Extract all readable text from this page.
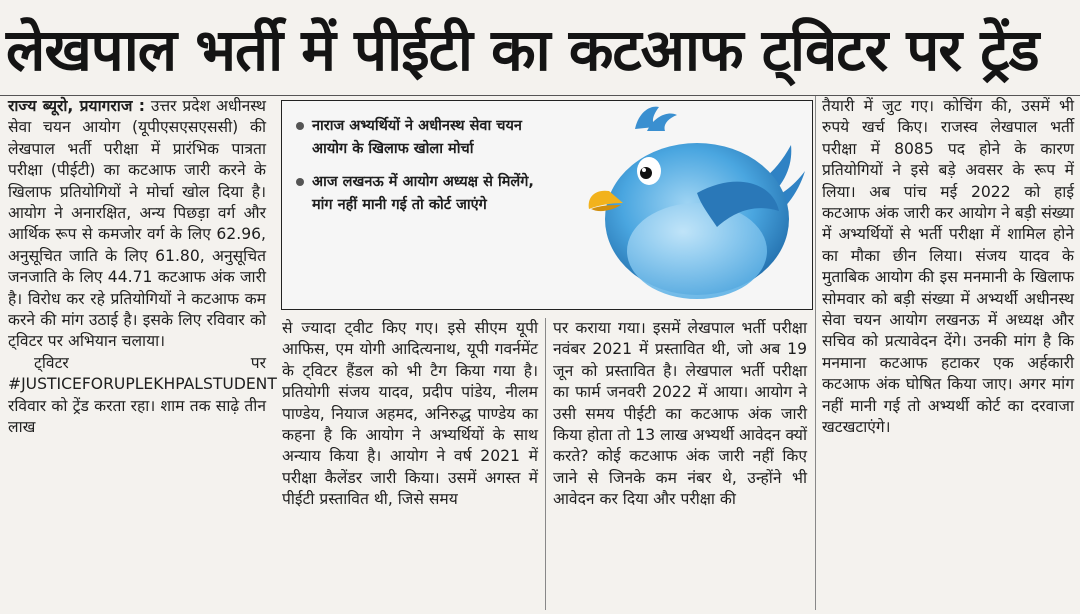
लेखपाल भर्ती में पीईटी का कटआफ ट्विटर पर ट्रेंड

राज्य ब्यूरो, प्रयागराज : उत्तर प्रदेश अधीनस्थ सेवा चयन आयोग (यूपीएसएसएससी) की लेखपाल भर्ती परीक्षा में प्रारंभिक पात्रता परीक्षा (पीईटी) का कटआफ जारी करने के खिलाफ प्रतियोगियों ने मोर्चा खोल दिया है। आयोग ने अनारक्षित, अन्य पिछड़ा वर्ग और आर्थिक रूप से कमजोर वर्ग के लिए 62.96, अनुसूचित जाति के लिए 61.80, अनुसूचित जनजाति के लिए 44.71 कटआफ अंक जारी है। विरोध कर रहे प्रतियोगियों ने कटआफ कम करने की मांग उठाई है। इसके लिए रविवार को ट्विटर पर अभियान चलाया।

ट्विटर पर #JUSTICEFORUPLEKHPALSTUDENT रविवार को ट्रेंड करता रहा। शाम तक साढ़े तीन लाख

नाराज अभ्यर्थियों ने अधीनस्थ सेवा चयन आयोग के खिलाफ खोला मोर्चा
आज लखनऊ में आयोग अध्यक्ष से मिलेंगे, मांग नहीं मानी गई तो कोर्ट जाएंगे

से ज्यादा ट्वीट किए गए। इसे सीएम यूपी आफिस, एम योगी आदित्यनाथ, यूपी गवर्नमेंट के ट्विटर हैंडल को भी टैग किया गया है। प्रतियोगी संजय यादव, प्रदीप पांडेय, नीलम पाण्डेय, नियाज अहमद, अनिरुद्ध पाण्डेय का कहना है कि आयोग ने अभ्यर्थियों के साथ अन्याय किया है। आयोग ने वर्ष 2021 में परीक्षा कैलेंडर जारी किया। उसमें अगस्त में पीईटी प्रस्तावित थी, जिसे समय

पर कराया गया। इसमें लेखपाल भर्ती परीक्षा नवंबर 2021 में प्रस्तावित थी, जो अब 19 जून को प्रस्तावित है। लेखपाल भर्ती परीक्षा का फार्म जनवरी 2022 में आया। आयोग ने उसी समय पीईटी का कटआफ अंक जारी किया होता तो 13 लाख अभ्यर्थी आवेदन क्यों करते? कोई कटआफ अंक जारी नहीं किए जाने से जिनके कम नंबर थे, उन्होंने भी आवेदन कर दिया और परीक्षा की

तैयारी में जुट गए। कोचिंग की, उसमें भी रुपये खर्च किए। राजस्व लेखपाल भर्ती परीक्षा में 8085 पद होने के कारण प्रतियोगियों ने इसे बड़े अवसर के रूप में लिया। अब पांच मई 2022 को हाई कटआफ अंक जारी कर आयोग ने बड़ी संख्या में अभ्यर्थियों से भर्ती परीक्षा में शामिल होने का मौका छीन लिया। संजय यादव के मुताबिक आयोग की इस मनमानी के खिलाफ सोमवार को बड़ी संख्या में अभ्यर्थी अधीनस्थ सेवा चयन आयोग लखनऊ में अध्यक्ष और सचिव को प्रत्यावेदन देंगे। उनकी मांग है कि मनमाना कटआफ हटाकर एक अर्हकारी कटआफ अंक घोषित किया जाए। अगर मांग नहीं मानी गई तो अभ्यर्थी कोर्ट का दरवाजा खटखटाएंगे।
